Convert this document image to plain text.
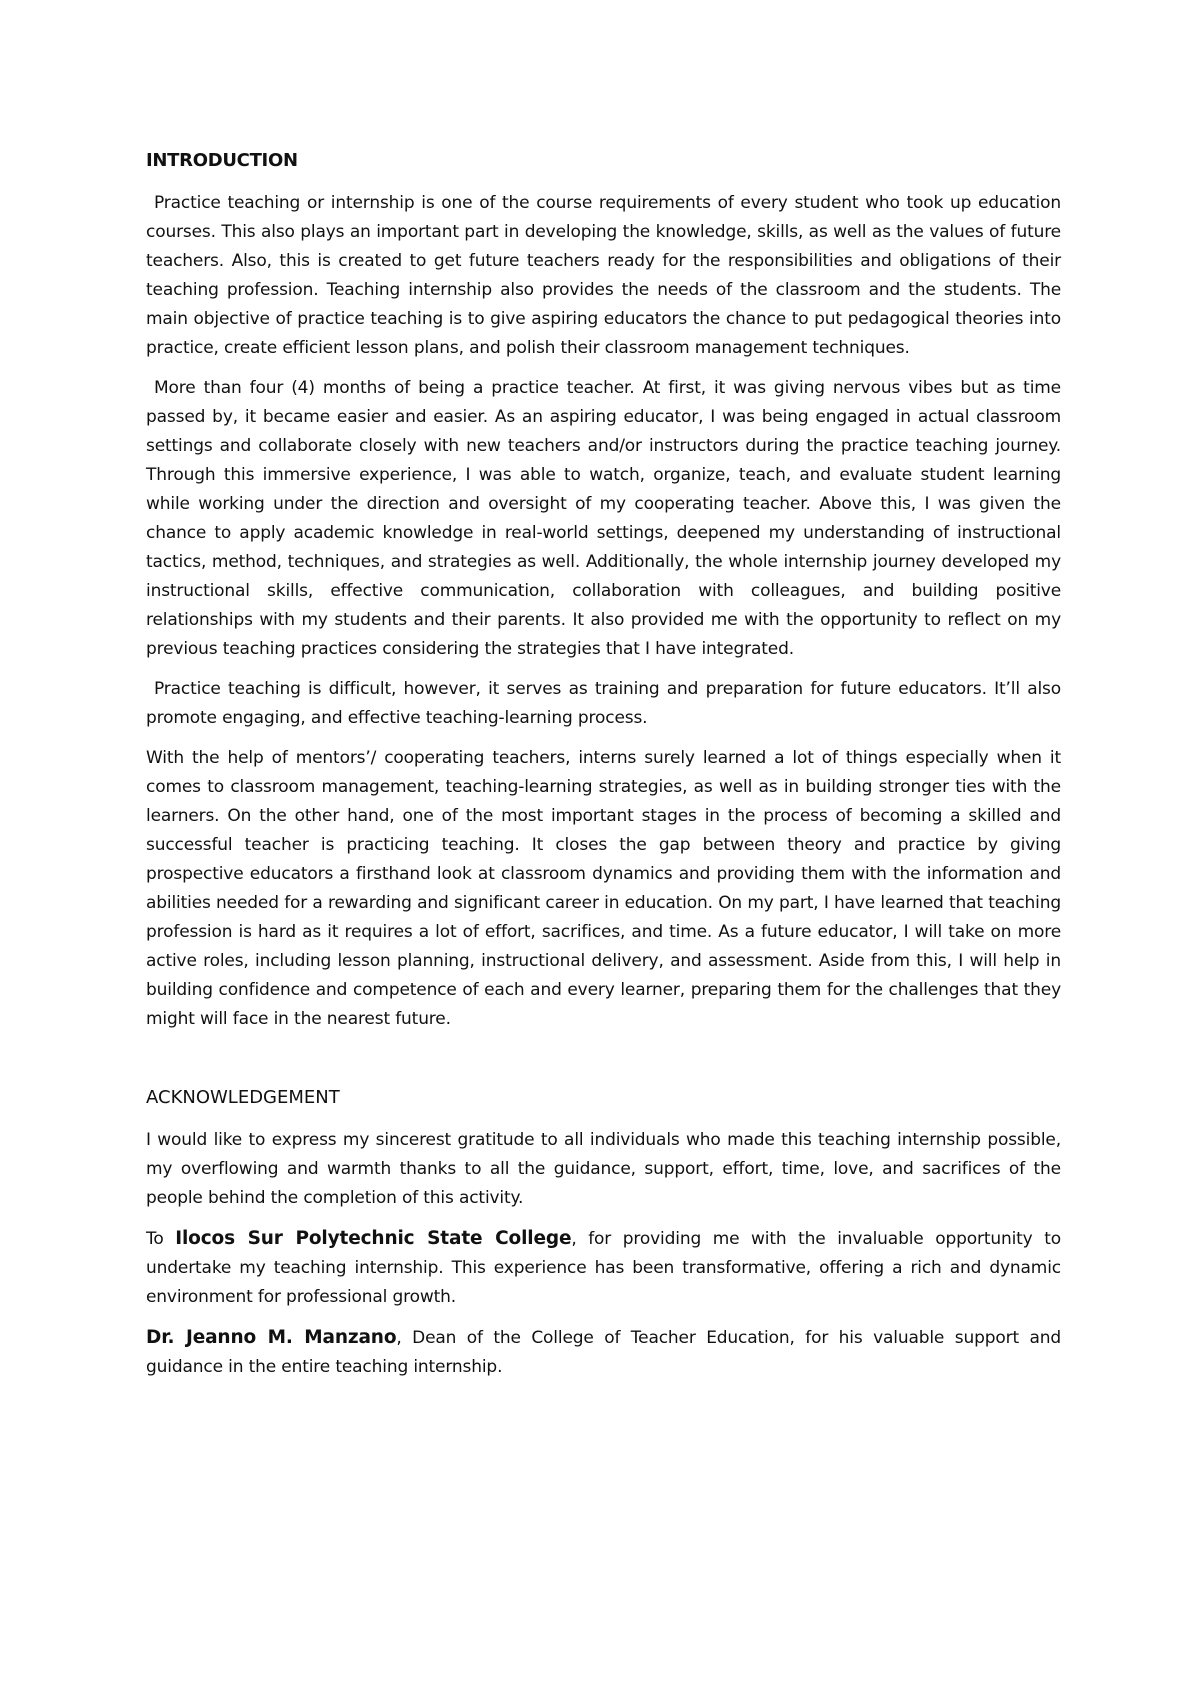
INTRODUCTION

Practice teaching or internship is one of the course requirements of every student who took up education courses. This also plays an important part in developing the knowledge, skills, as well as the values of future teachers. Also, this is created to get future teachers ready for the responsibilities and obligations of their teaching profession. Teaching internship also provides the needs of the classroom and the students. The main objective of practice teaching is to give aspiring educators the chance to put pedagogical theories into practice, create efficient lesson plans, and polish their classroom management techniques.

More than four (4) months of being a practice teacher. At first, it was giving nervous vibes but as time passed by, it became easier and easier. As an aspiring educator, I was being engaged in actual classroom settings and collaborate closely with new teachers and/or instructors during the practice teaching journey. Through this immersive experience, I was able to watch, organize, teach, and evaluate student learning while working under the direction and oversight of my cooperating teacher. Above this, I was given the chance to apply academic knowledge in real-world settings, deepened my understanding of instructional tactics, method, techniques, and strategies as well. Additionally, the whole internship journey developed my instructional skills, effective communication, collaboration with colleagues, and building positive relationships with my students and their parents. It also provided me with the opportunity to reflect on my previous teaching practices considering the strategies that I have integrated.

Practice teaching is difficult, however, it serves as training and preparation for future educators. It’ll also promote engaging, and effective teaching-learning process.

With the help of mentors’/ cooperating teachers, interns surely learned a lot of things especially when it comes to classroom management, teaching-learning strategies, as well as in building stronger ties with the learners. On the other hand, one of the most important stages in the process of becoming a skilled and successful teacher is practicing teaching. It closes the gap between theory and practice by giving prospective educators a firsthand look at classroom dynamics and providing them with the information and abilities needed for a rewarding and significant career in education. On my part, I have learned that teaching profession is hard as it requires a lot of effort, sacrifices, and time. As a future educator, I will take on more active roles, including lesson planning, instructional delivery, and assessment. Aside from this, I will help in building confidence and competence of each and every learner, preparing them for the challenges that they might will face in the nearest future.

ACKNOWLEDGEMENT

I would like to express my sincerest gratitude to all individuals who made this teaching internship possible, my overflowing and warmth thanks to all the guidance, support, effort, time, love, and sacrifices of the people behind the completion of this activity.

To Ilocos Sur Polytechnic State College, for providing me with the invaluable opportunity to undertake my teaching internship. This experience has been transformative, offering a rich and dynamic environment for professional growth.

Dr. Jeanno M. Manzano, Dean of the College of Teacher Education, for his valuable support and guidance in the entire teaching internship.
